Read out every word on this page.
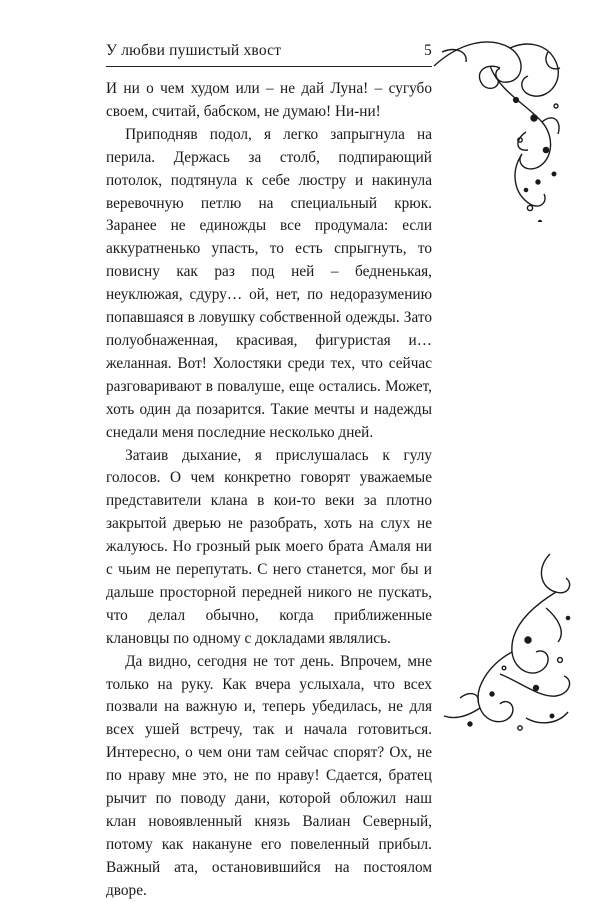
У любви пушистый хвост	5

И ни о чем худом или – не дай Луна! – сугубо своем, считай, бабском, не думаю! Ни-ни!

Приподняв подол, я легко запрыгнула на перила. Держась за столб, подпирающий потолок, подтянула к себе люстру и накинула веревочную петлю на специальный крюк. Заранее не единожды все продумала: если аккуратненько упасть, то есть спрыгнуть, то повисну как раз под ней – бедненькая, неуклюжая, сдуру… ой, нет, по недоразумению попавшаяся в ловушку собственной одежды. Зато полуобнаженная, красивая, фигуристая и… желанная. Вот! Холостяки среди тех, что сейчас разговаривают в повалуше, еще остались. Может, хоть один да позарится. Такие мечты и надежды снедали меня последние несколько дней.

Затаив дыхание, я прислушалась к гулу голосов. О чем конкретно говорят уважаемые представители клана в кои-то веки за плотно закрытой дверью не разобрать, хоть на слух не жалуюсь. Но грозный рык моего брата Амаля ни с чьим не перепутать. С него станется, мог бы и дальше просторной передней никого не пускать, что делал обычно, когда приближенные клановцы по одному с докладами являлись.

Да видно, сегодня не тот день. Впрочем, мне только на руку. Как вчера услыхала, что всех позвали на важную и, теперь убедилась, не для всех ушей встречу, так и начала готовиться. Интересно, о чем они там сейчас спорят? Ох, не по нраву мне это, не по нраву! Сдается, братец рычит по поводу дани, которой обложил наш клан новоявленный князь Валиан Северный, потому как накануне его повеленный прибыл. Важный ата, остановившийся на постоялом дворе.
